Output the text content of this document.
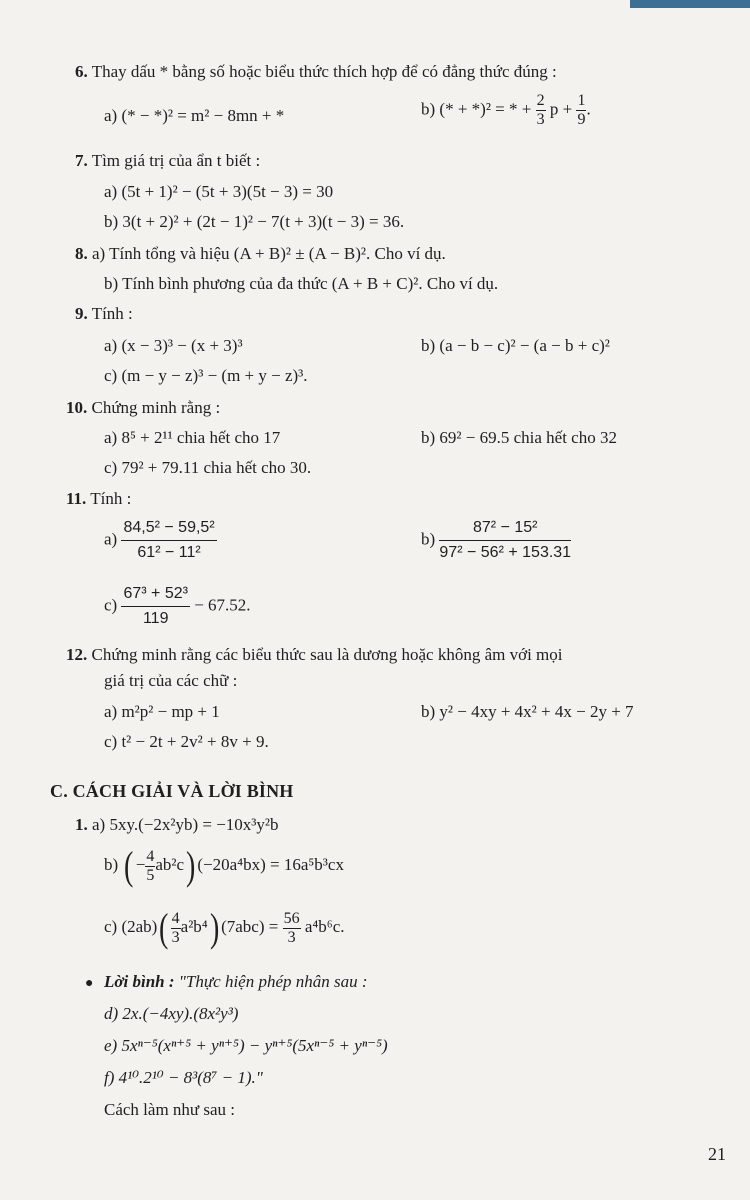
6. Thay dấu * bằng số hoặc biểu thức thích hợp để có đẳng thức đúng :
a) (* − *)² = m² − 8mn + *	b) (* + *)² = * + $\frac{2}{3}$ $p + \frac{1}{9}$ .
7. Tìm giá trị của ẩn t biết :
a) (5t + 1)² − (5t + 3)(5t − 3) = 30
b) 3(t + 2)² + (2t − 1)² − 7(t + 3)(t − 3) = 36.
8. a) Tính tổng và hiệu (A + B)² ± (A − B)². Cho ví dụ.
b) Tính bình phương của đa thức (A + B + C)². Cho ví dụ.
9. Tính :
a) (x − 3)³ − (x + 3)³	b) (a − b − c)² − (a − b + c)²
c) (m − y − z)³ − (m + y − z)³.
10. Chứng minh rằng :
a) 8⁵ + 2¹¹ chia hết cho 17	b) 69² − 69.5 chia hết cho 32
c) 79² + 79.11 chia hết cho 30.
11. Tính :
$a) \frac{\text{84,5² − 59,5²}}{\text{61² − 11²}}$	$b) \frac{\text{87² − 15²}}{\text{97² − 56² + 153.31}}$
$c) \frac{\text{67³ + 52³}}{119} - 67.52$.
12. Chứng minh rằng các biểu thức sau là dương hoặc không âm với mọi
giá trị của các chữ :
a) m²p² − mp + 1	b) y² − 4xy + 4x² + 4x − 2y + 7
c) t² − 2t + 2v² + 8v + 9.
C. CÁCH GIẢI VÀ LỜI BÌNH
1. a) 5xy.(−2x²yb) = −10x³y²b
b) ( − $\frac{4}{5} ab^2c$) (−20a⁴bx) = 16a⁵b³cx
c) $(2ab)( \frac{4}{3} a^2b^4)$ $(7abc) = \frac{56}{3} a^4b^6c$.
● Lời bình : "Thực hiện phép nhân sau :
d) 2x.(−4xy).(8x²y³)
e) 5xⁿ⁻⁵(xⁿ⁺⁵ + yⁿ⁺⁵) − yⁿ⁺⁵(5xⁿ⁻⁵ + yⁿ⁻⁵)
f) 4¹⁰.2¹⁰ − 8³(8⁷ − 1)."
Cách làm như sau :
21
